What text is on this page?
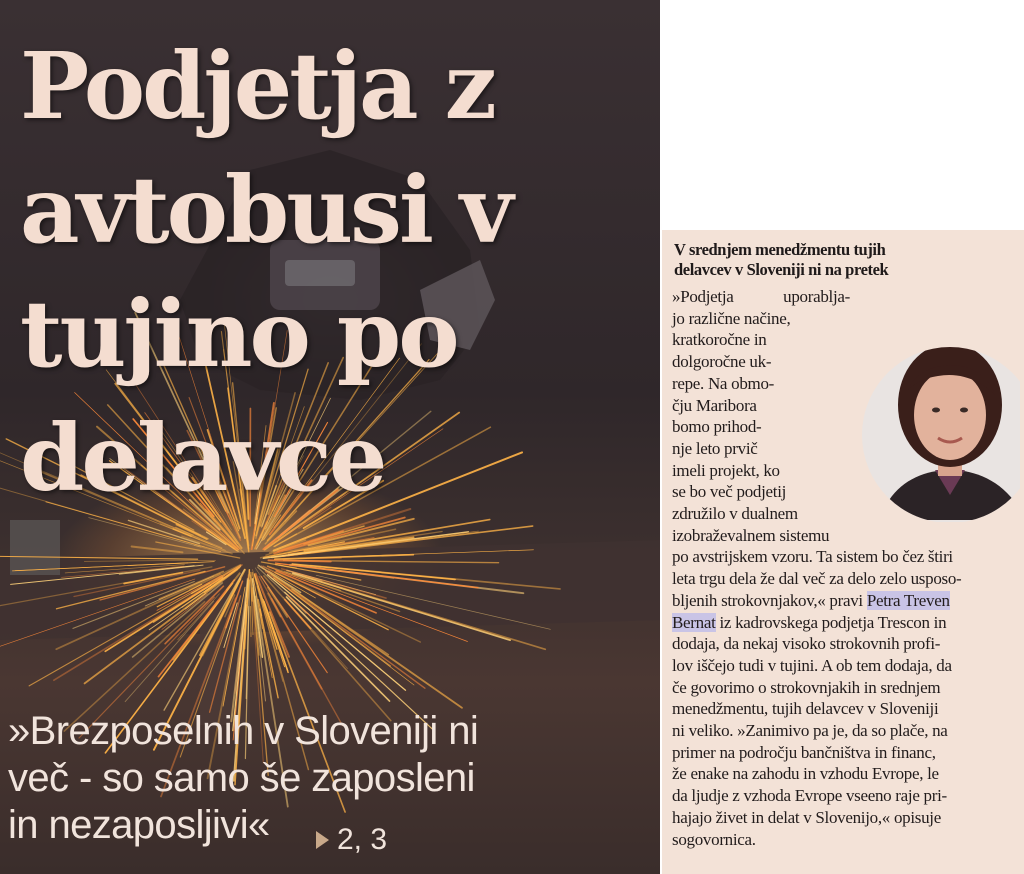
Podjetja z
avtobusi v
tujino po
delavce

»Brezposelnih v Sloveniji ni
več - so samo še zaposleni
in nezaposljivi«	2, 3
V srednjem menedžmentu tujih
delavcev v Sloveniji ni na pretek
»Podjetja uporablja-
jo različne načine,
kratkoročne in
dolgoročne uk-
repe. Na obmo-
čju Maribora
bomo prihod-
nje leto prvič
imeli projekt, ko
se bo več podjetij
združilo v dualnem
izobraževalnem sistemu
po avstrijskem vzoru. Ta sistem bo čez štiri
leta trgu dela že dal več za delo zelo usposo-
bljenih strokovnjakov,« pravi Petra Treven
Bernat iz kadrovskega podjetja Trescon in
dodaja, da nekaj visoko strokovnih profi-
lov iščejo tudi v tujini. A ob tem dodaja, da
če govorimo o strokovnjakih in srednjem
menedžmentu, tujih delavcev v Sloveniji
ni veliko. »Zanimivo pa je, da so plače, na
primer na področju bančništva in financ,
že enake na zahodu in vzhodu Evrope, le
da ljudje z vzhoda Evrope vseeno raje pri-
hajajo živet in delat v Slovenijo,« opisuje
sogovornica.
